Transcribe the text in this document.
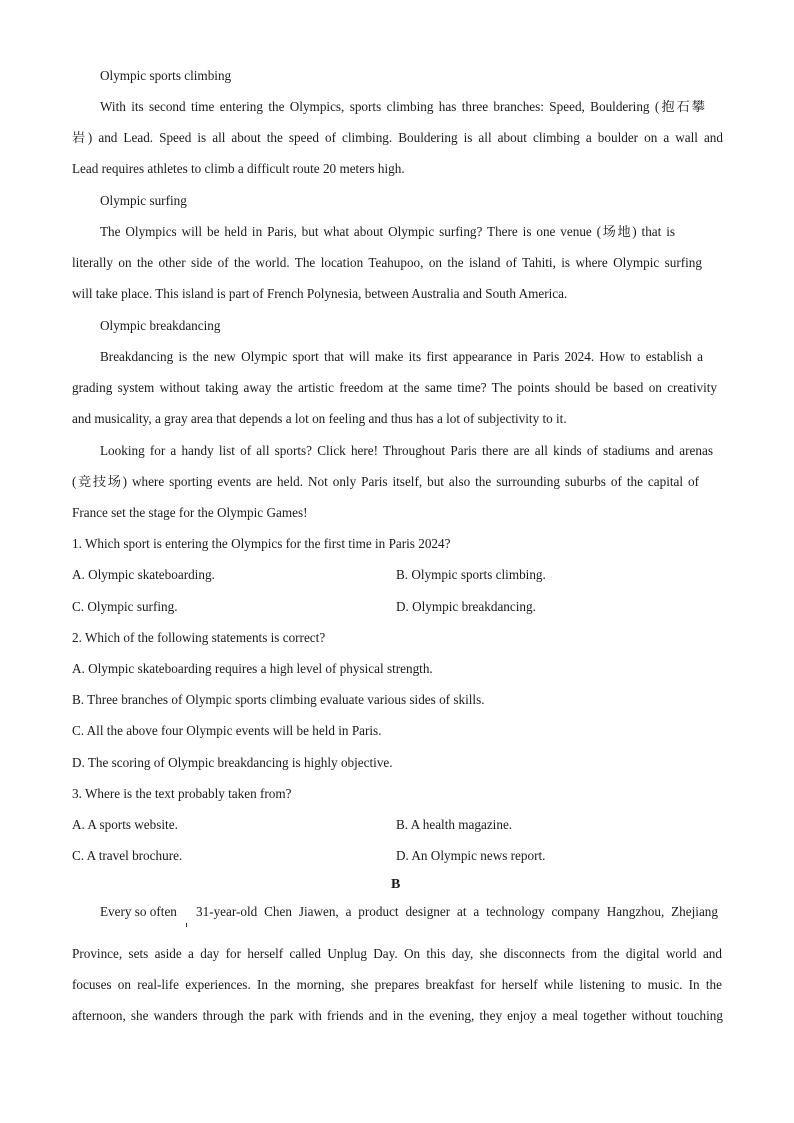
Olympic sports climbing
With its second time entering the Olympics, sports climbing has three branches: Speed, Bouldering (抱石攀
岩) and Lead. Speed is all about the speed of climbing. Bouldering is all about climbing a boulder on a wall and
Lead requires athletes to climb a difficult route 20 meters high.
Olympic surfing
The Olympics will be held in Paris, but what about Olympic surfing? There is one venue (场地) that is
literally on the other side of the world. The location Teahupoo, on the island of Tahiti, is where Olympic surfing
will take place. This island is part of French Polynesia, between Australia and South America.
Olympic breakdancing
Breakdancing is the new Olympic sport that will make its first appearance in Paris 2024. How to establish a
grading system without taking away the artistic freedom at the same time? The points should be based on creativity
and musicality, a gray area that depends a lot on feeling and thus has a lot of subjectivity to it.
Looking for a handy list of all sports? Click here! Throughout Paris there are all kinds of stadiums and arenas
(竞技场) where sporting events are held. Not only Paris itself, but also the surrounding suburbs of the capital of
France set the stage for the Olympic Games!
1. Which sport is entering the Olympics for the first time in Paris 2024?
A. Olympic skateboarding.	B. Olympic sports climbing.
C. Olympic surfing.	D. Olympic breakdancing.
2. Which of the following statements is correct?
A. Olympic skateboarding requires a high level of physical strength.
B. Three branches of Olympic sports climbing evaluate various sides of skills.
C. All the above four Olympic events will be held in Paris.
D. The scoring of Olympic breakdancing is highly objective.
3. Where is the text probably taken from?
A. A sports website.	B. A health magazine.
C. A travel brochure.	D. An Olympic news report.
B
Every so often 31-year-old Chen Jiawen, a product designer at a technology company Hangzhou, Zhejiang
Province, sets aside a day for herself called Unplug Day. On this day, she disconnects from the digital world and
focuses on real-life experiences. In the morning, she prepares breakfast for herself while listening to music. In the
afternoon, she wanders through the park with friends and in the evening, they enjoy a meal together without touching
